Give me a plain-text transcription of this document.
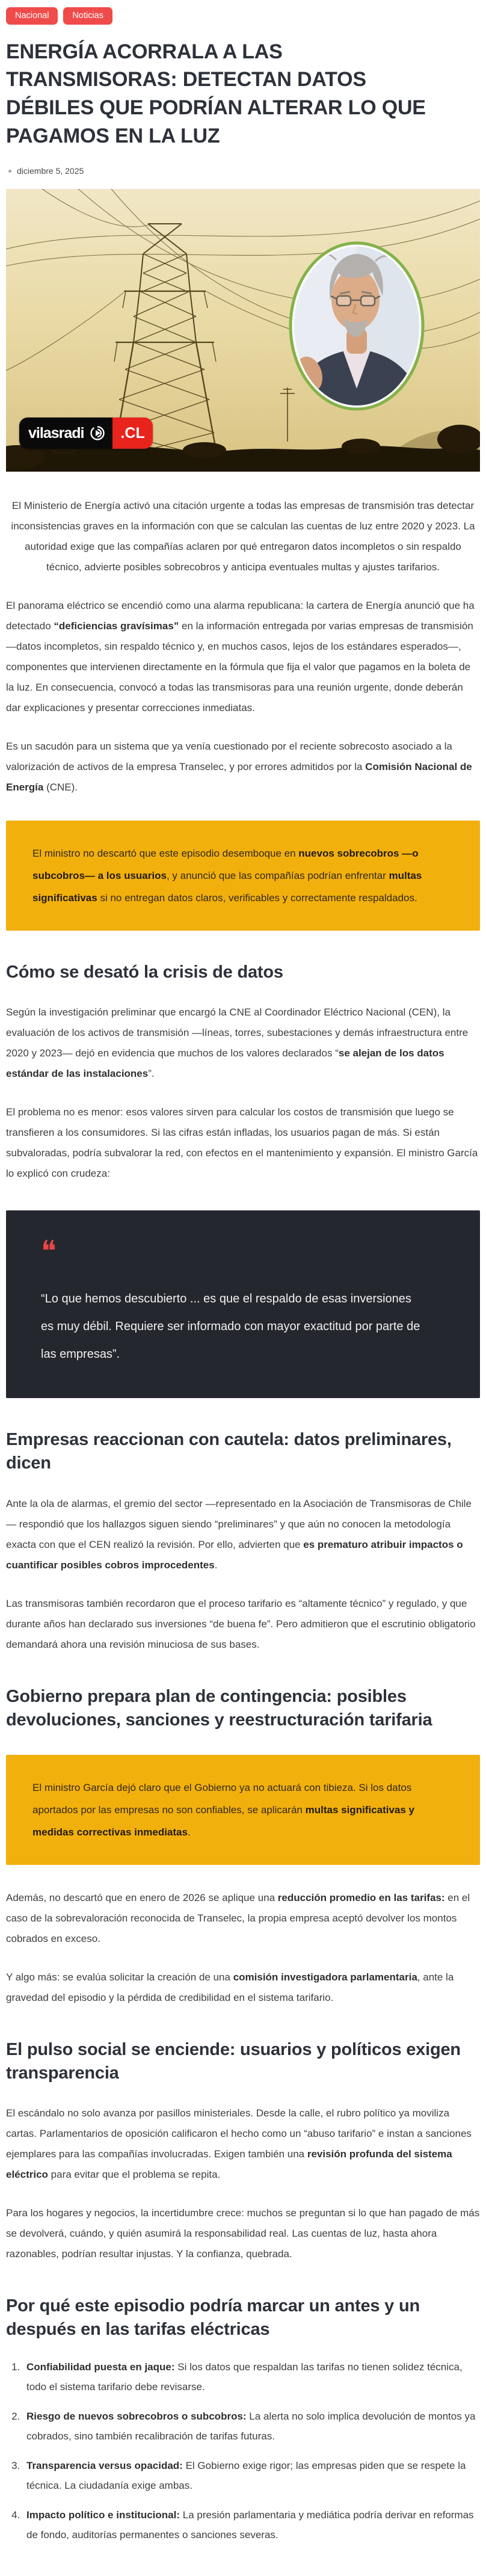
Nacional	Noticias
ENERGÍA ACORRALA A LAS
TRANSMISORAS: DETECTAN DATOS
DÉBILES QUE PODRÍAN ALTERAR LO QUE
PAGAMOS EN LA LUZ
diciembre 5, 2025
vilasradi	.CL

El Ministerio de Energía activó una citación urgente a todas las empresas de transmisión tras detectar inconsistencias graves en la información con que se calculan las cuentas de luz entre 2020 y 2023. La autoridad exige que las compañías aclaren por qué entregaron datos incompletos o sin respaldo técnico, advierte posibles sobrecobros y anticipa eventuales multas y ajustes tarifarios.

El panorama eléctrico se encendió como una alarma republicana: la cartera de Energía anunció que ha detectado “deficiencias gravísimas” en la información entregada por varias empresas de transmisión —datos incompletos, sin respaldo técnico y, en muchos casos, lejos de los estándares esperados—, componentes que intervienen directamente en la fórmula que fija el valor que pagamos en la boleta de la luz. En consecuencia, convocó a todas las transmisoras para una reunión urgente, donde deberán dar explicaciones y presentar correcciones inmediatas.

Es un sacudón para un sistema que ya venía cuestionado por el reciente sobrecosto asociado a la valorización de activos de la empresa Transelec, y por errores admitidos por la Comisión Nacional de Energía (CNE).

El ministro no descartó que este episodio desemboque en nuevos sobrecobros —o subcobros— a los usuarios, y anunció que las compañías podrían enfrentar multas significativas si no entregan datos claros, verificables y correctamente respaldados.
Cómo se desató la crisis de datos

Según la investigación preliminar que encargó la CNE al Coordinador Eléctrico Nacional (CEN), la evaluación de los activos de transmisión —líneas, torres, subestaciones y demás infraestructura entre 2020 y 2023— dejó en evidencia que muchos de los valores declarados “se alejan de los datos estándar de las instalaciones”.

El problema no es menor: esos valores sirven para calcular los costos de transmisión que luego se transfieren a los consumidores. Si las cifras están infladas, los usuarios pagan de más. Si están subvaloradas, podría subvalorar la red, con efectos en el mantenimiento y expansión. El ministro García lo explicó con crudeza:

❝
“Lo que hemos descubierto ... es que el respaldo de esas inversiones es muy débil. Requiere ser informado con mayor exactitud por parte de las empresas”.
Empresas reaccionan con cautela: datos preliminares, dicen

Ante la ola de alarmas, el gremio del sector —representado en la Asociación de Transmisoras de Chile— respondió que los hallazgos siguen siendo “preliminares” y que aún no conocen la metodología exacta con que el CEN realizó la revisión. Por ello, advierten que es prematuro atribuir impactos o cuantificar posibles cobros improcedentes.

Las transmisoras también recordaron que el proceso tarifario es “altamente técnico” y regulado, y que durante años han declarado sus inversiones “de buena fe”. Pero admitieron que el escrutinio obligatorio demandará ahora una revisión minuciosa de sus bases.

Gobierno prepara plan de contingencia: posibles devoluciones, sanciones y reestructuración tarifaria
El ministro García dejó claro que el Gobierno ya no actuará con tibieza. Si los datos aportados por las empresas no son confiables, se aplicarán multas significativas y medidas correctivas inmediatas.

Además, no descartó que en enero de 2026 se aplique una reducción promedio en las tarifas: en el caso de la sobrevaloración reconocida de Transelec, la propia empresa aceptó devolver los montos cobrados en exceso.

Y algo más: se evalúa solicitar la creación de una comisión investigadora parlamentaria, ante la gravedad del episodio y la pérdida de credibilidad en el sistema tarifario.

El pulso social se enciende: usuarios y políticos exigen transparencia

El escándalo no solo avanza por pasillos ministeriales. Desde la calle, el rubro político ya moviliza cartas. Parlamentarios de oposición calificaron el hecho como un “abuso tarifario” e instan a sanciones ejemplares para las compañías involucradas. Exigen también una revisión profunda del sistema eléctrico para evitar que el problema se repita.

Para los hogares y negocios, la incertidumbre crece: muchos se preguntan si lo que han pagado de más se devolverá, cuándo, y quién asumirá la responsabilidad real. Las cuentas de luz, hasta ahora razonables, podrían resultar injustas. Y la confianza, quebrada.

Por qué este episodio podría marcar un antes y un después en las tarifas eléctricas
1. Confiabilidad puesta en jaque: Si los datos que respaldan las tarifas no tienen solidez técnica, todo el sistema tarifario debe revisarse.
2. Riesgo de nuevos sobrecobros o subcobros: La alerta no solo implica devolución de montos ya cobrados, sino también recalibración de tarifas futuras.
3. Transparencia versus opacidad: El Gobierno exige rigor; las empresas piden que se respete la técnica. La ciudadanía exige ambas.
4. Impacto político e institucional: La presión parlamentaria y mediática podría derivar en reformas de fondo, auditorías permanentes o sanciones severas.
